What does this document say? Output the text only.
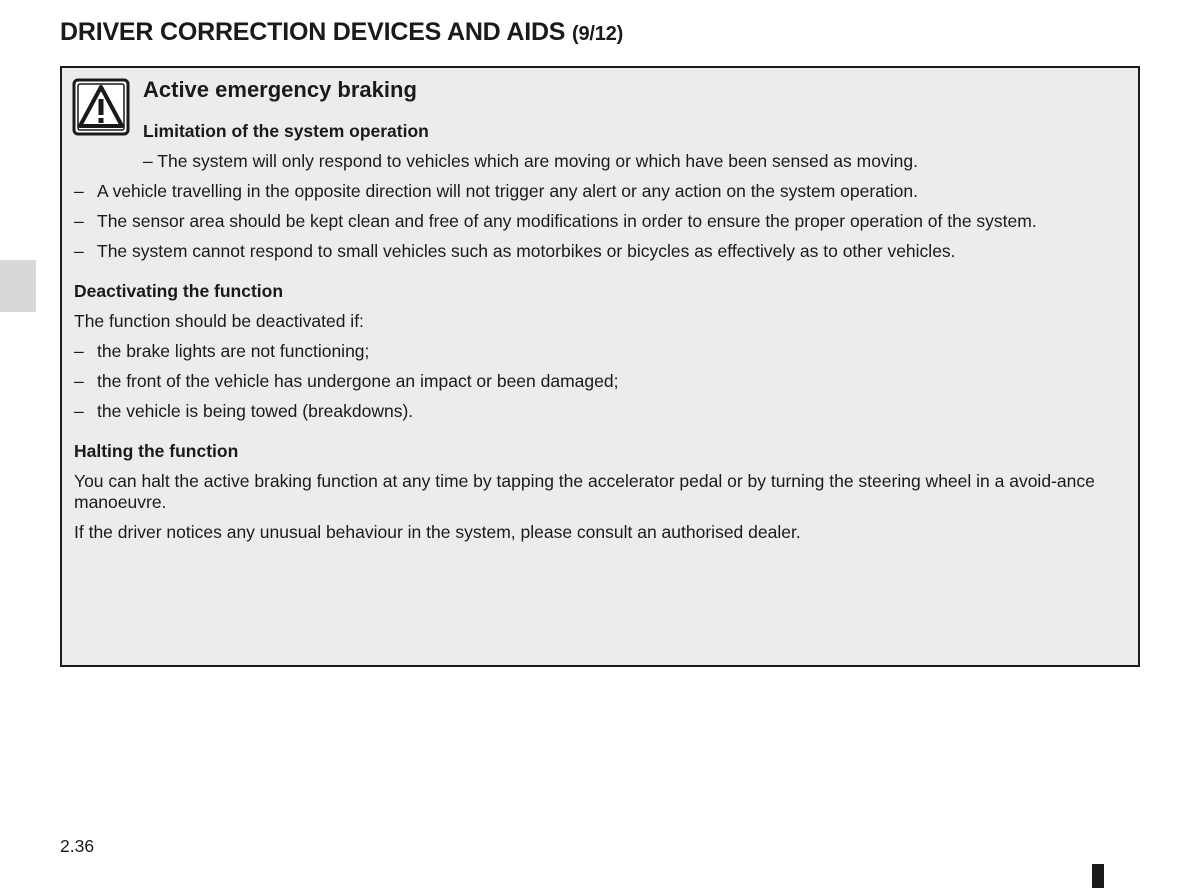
DRIVER CORRECTION DEVICES AND AIDS (9/12)
Active emergency braking
Limitation of the system operation
– The system will only respond to vehicles which are moving or which have been sensed as moving.
– A vehicle travelling in the opposite direction will not trigger any alert or any action on the system operation.
– The sensor area should be kept clean and free of any modifications in order to ensure the proper operation of the system.
– The system cannot respond to small vehicles such as motorbikes or bicycles as effectively as to other vehicles.
Deactivating the function
The function should be deactivated if:
– the brake lights are not functioning;
– the front of the vehicle has undergone an impact or been damaged;
– the vehicle is being towed (breakdowns).
Halting the function
You can halt the active braking function at any time by tapping the accelerator pedal or by turning the steering wheel in a avoid-ance manoeuvre.
If the driver notices any unusual behaviour in the system, please consult an authorised dealer.
2.36
